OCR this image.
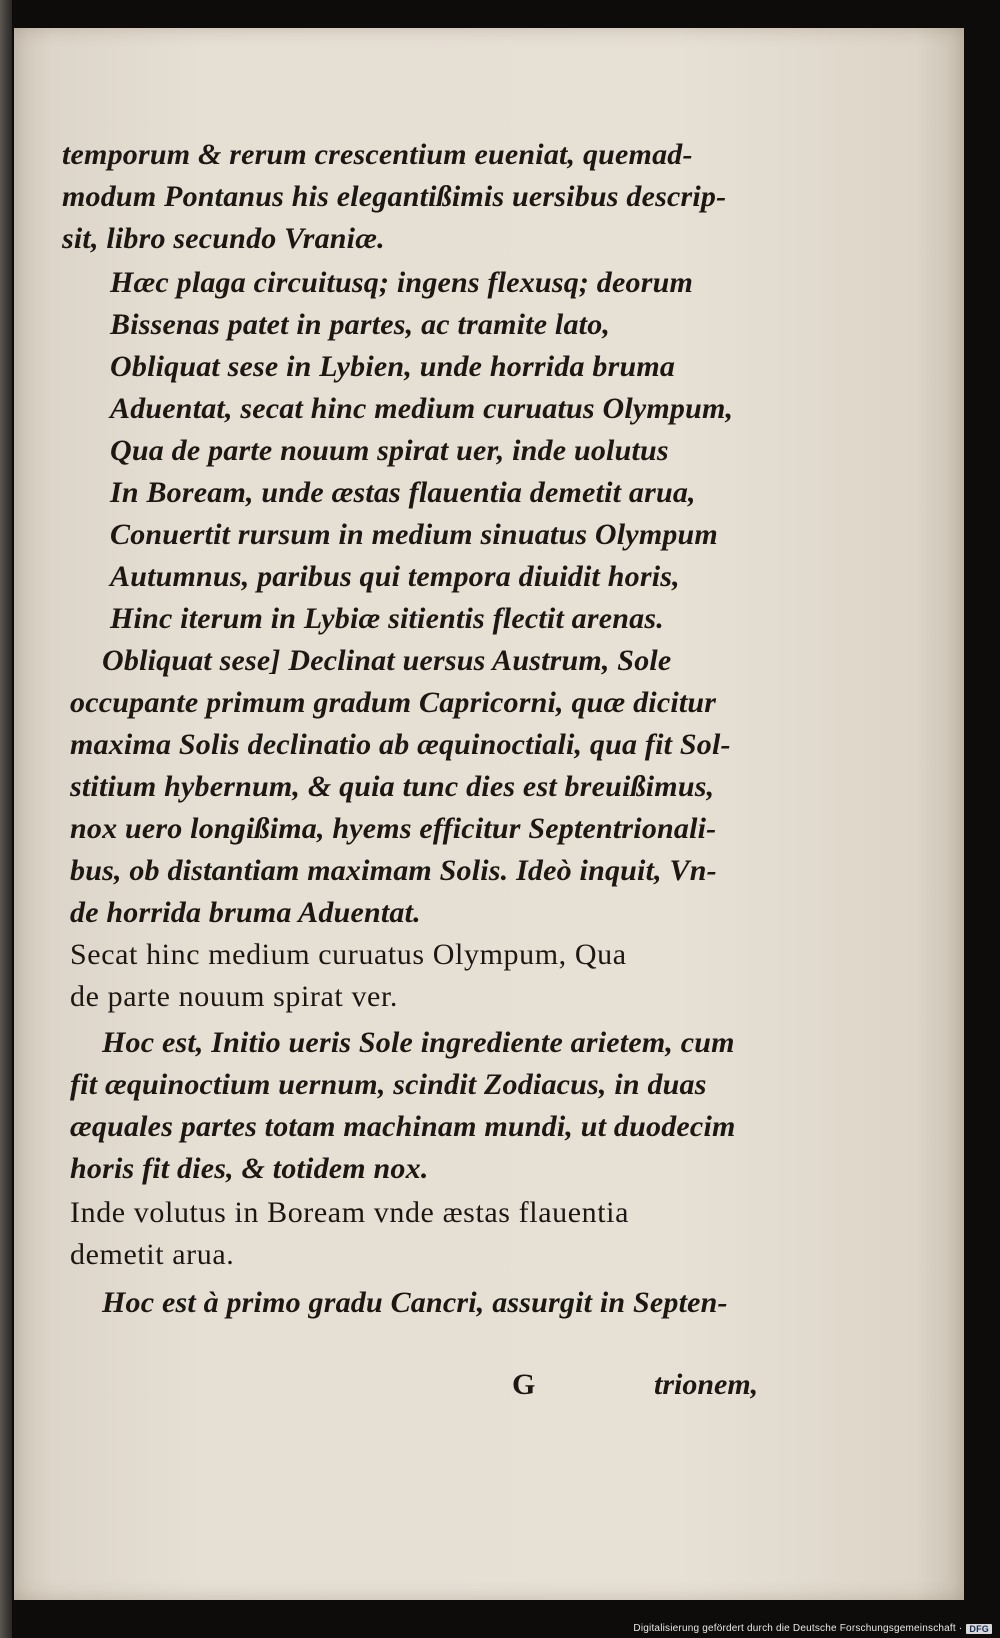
temporum & rerum crescentium eueniat, quemad-
modum Pontanus his elegantißimis uersibus descrip-
sit, libro secundo Vraniæ.
Hæc plaga circuitusq; ingens flexusq; deorum
Bissenas patet in partes, ac tramite lato,
Obliquat sese in Lybien, unde horrida bruma
Aduentat, secat hinc medium curuatus Olympum,
Qua de parte nouum spirat uer, inde uolutus
In Boream, unde æstas flauentia demetit arua,
Conuertit rursum in medium sinuatus Olympum
Autumnus, paribus qui tempora diuidit horis,
Hinc iterum in Lybiæ sitientis flectit arenas.
Obliquat sese] Declinat uersus Austrum, Sole
occupante primum gradum Capricorni, quæ dicitur
maxima Solis declinatio ab æquinoctiali, qua fit Sol-
stitium hybernum, & quia tunc dies est breuißimus,
nox uero longißima, hyems efficitur Septentrionali-
bus, ob distantiam maximam Solis. Ideò inquit, Vn-
de horrida bruma Aduentat.
Secat hinc medium curuatus Olympum, Qua
de parte nouum spirat ver.
Hoc est, Initio ueris Sole ingrediente arietem, cum
fit æquinoctium uernum, scindit Zodiacus, in duas
æquales partes totam machinam mundi, ut duodecim
horis fit dies, & totidem nox.
Inde volutus in Boream vnde æstas flauentia
demetit arua.
Hoc est à primo gradu Cancri, assurgit in Septen-
G	trionem,
Digitalisierung gefördert durch die Deutsche Forschungsgemeinschaft · DFG
